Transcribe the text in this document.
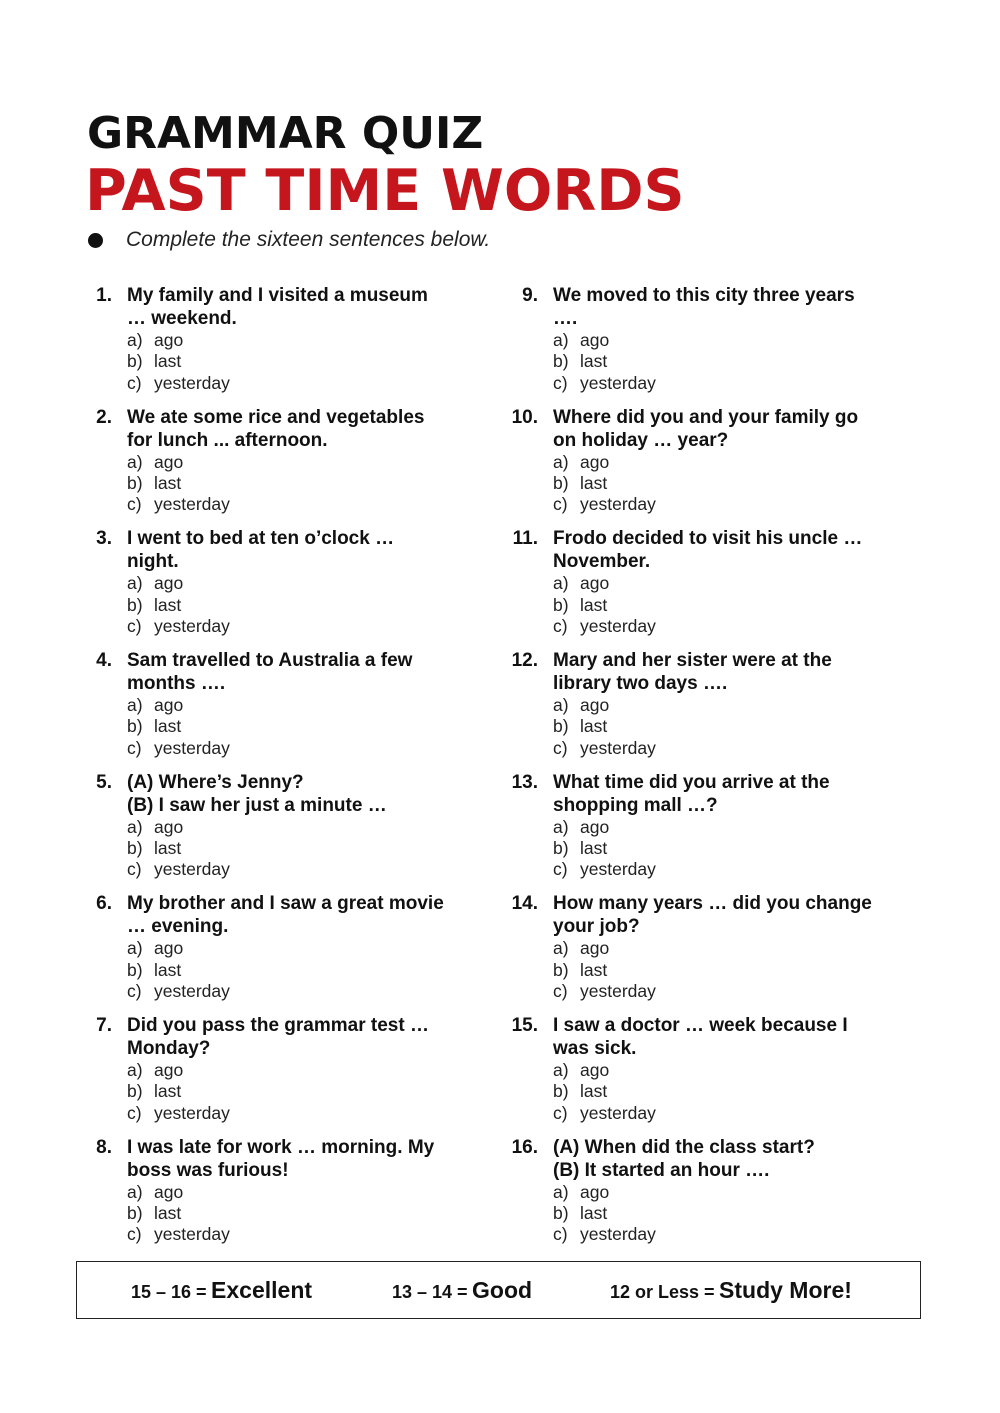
GRAMMAR QUIZ
PAST TIME WORDS
Complete the sixteen sentences below.
1. My family and I visited a museum
… weekend.
a) ago
b) last
c) yesterday
2. We ate some rice and vegetables
for lunch ... afternoon.
a) ago
b) last
c) yesterday
3. I went to bed at ten o’clock …
night.
a) ago
b) last
c) yesterday
4. Sam travelled to Australia a few
months ….
a) ago
b) last
c) yesterday
5. (A) Where’s Jenny?
(B) I saw her just a minute …
a) ago
b) last
c) yesterday
6. My brother and I saw a great movie
… evening.
a) ago
b) last
c) yesterday
7. Did you pass the grammar test …
Monday?
a) ago
b) last
c) yesterday
8. I was late for work … morning. My
boss was furious!
a) ago
b) last
c) yesterday
9. We moved to this city three years
….
a) ago
b) last
c) yesterday
10. Where did you and your family go
on holiday … year?
a) ago
b) last
c) yesterday
11. Frodo decided to visit his uncle …
November.
a) ago
b) last
c) yesterday
12. Mary and her sister were at the
library two days ….
a) ago
b) last
c) yesterday
13. What time did you arrive at the
shopping mall …?
a) ago
b) last
c) yesterday
14. How many years … did you change
your job?
a) ago
b) last
c) yesterday
15. I saw a doctor … week because I
was sick.
a) ago
b) last
c) yesterday
16. (A) When did the class start?
(B) It started an hour ….
a) ago
b) last
c) yesterday
15 – 16 = Excellent	13 – 14 = Good	12 or Less = Study More!
